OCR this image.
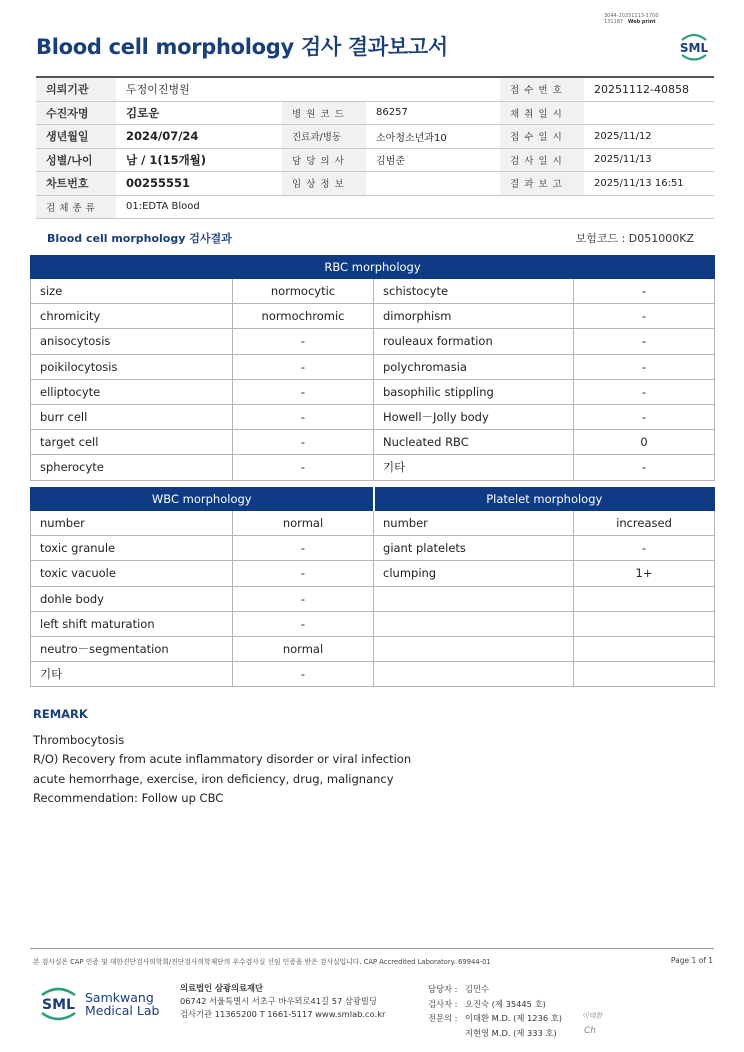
Blood cell morphology 검사 결과보고서
3044-20251113-1700
131187 Web print
SML
의뢰기관	두정이진병원			접 수 번 호	20251112-40858
수진자명	김로운	병 원 코 드	86257	채 취 일 시	
생년월일	2024/07/24	진료과/병동	소아청소년과10	접 수 일 시	2025/11/12
성별/나이	남 / 1(15개월)	담 당 의 사	김범준	검 사 일 시	2025/11/13
차트번호	00255551	임 상 정 보		결 과 보 고	2025/11/13 16:51
검 체 종 류	01:EDTA Blood				
Blood cell morphology 검사결과	보험코드 : D051000KZ
RBC morphology			
size	normocytic	schistocyte	-
chromicity	normochromic	dimorphism	-
anisocytosis	-	rouleaux formation	-
poikilocytosis	-	polychromasia	-
elliptocyte	-	basophilic stippling	-
burr cell	-	Howell－Jolly body	-
target cell	-	Nucleated RBC	0
spherocyte	-	기타	-
WBC morphology		Platelet morphology	
number	normal	number	increased
toxic granule	-	giant platelets	-
toxic vacuole	-	clumping	1+
dohle body	-		
left shift maturation	-		
neutro－segmentation	normal		
기타	-		
REMARK
Thrombocytosis
R/O) Recovery from acute inflammatory disorder or viral infection
acute hemorrhage, exercise, iron deficiency, drug, malignancy
Recommendation: Follow up CBC
본 검사실은 CAP 인증 및 대한진단검사의학회/진단검사의학재단의 우수검사실 신임 인증을 받은 검사실입니다. CAP Accredited Laboratory. 69944-01	Page 1 of 1
SML Samkwang
Medical Lab
의료법인 삼광의료재단
06742 서울특별시 서초구 바우뫼로41길 57 삼광빌딩
검사기관 11365200 T 1661-5117 www.smlab.co.kr
담당자 : 김민수
검사자 : 오진숙 (제 35445 호)
전문의 : 이태환 M.D. (제 1236 호)
지현영 M.D. (제 333 호)
이태환
Ch
